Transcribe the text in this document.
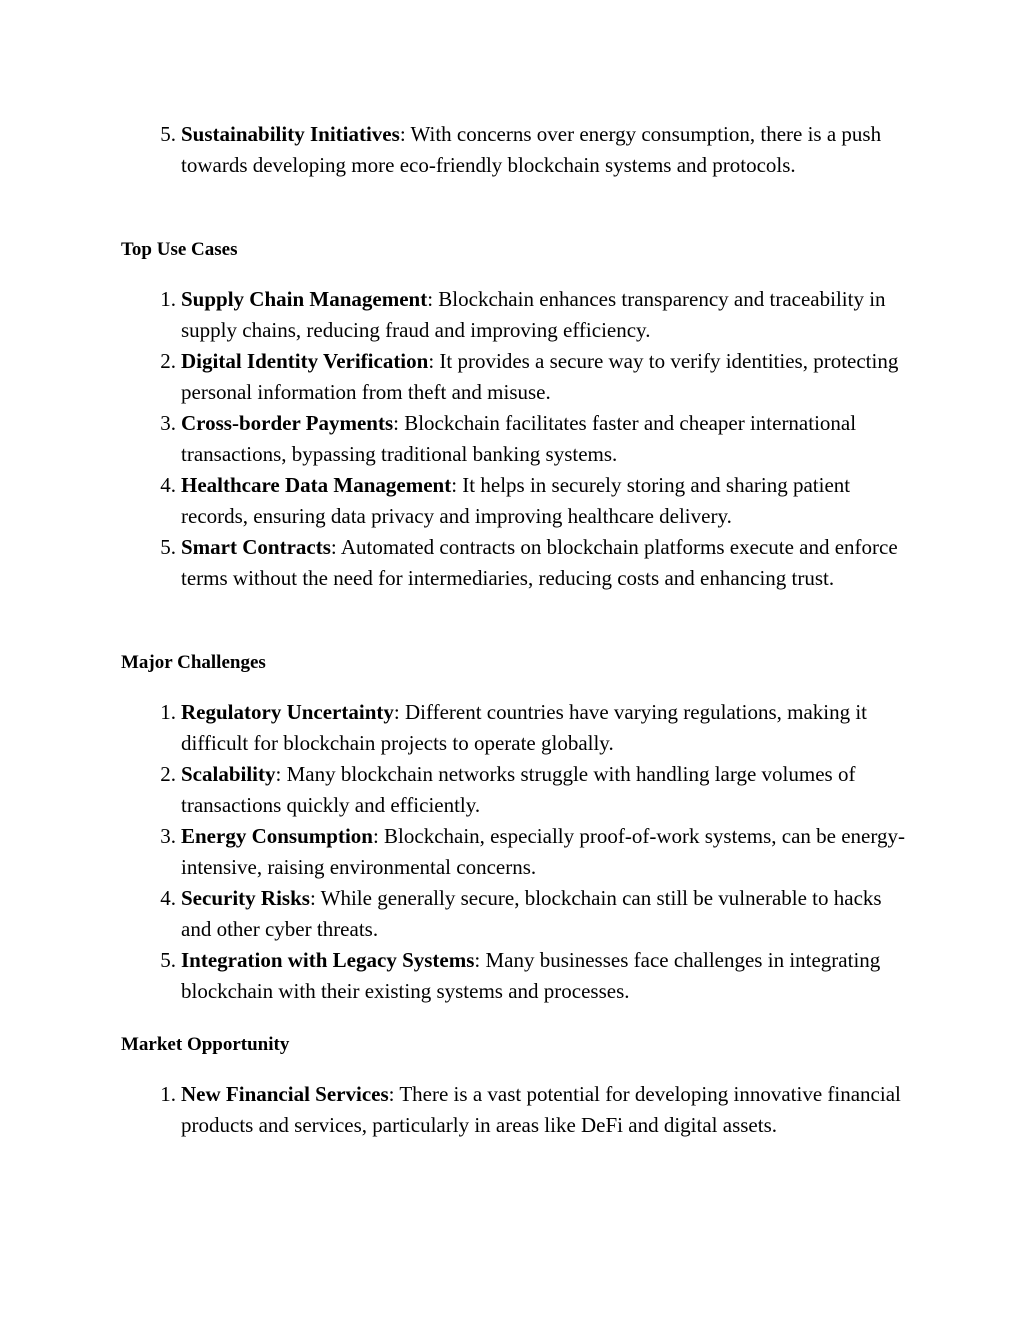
5. Sustainability Initiatives: With concerns over energy consumption, there is a push towards developing more eco-friendly blockchain systems and protocols.
Top Use Cases
1. Supply Chain Management: Blockchain enhances transparency and traceability in supply chains, reducing fraud and improving efficiency.
2. Digital Identity Verification: It provides a secure way to verify identities, protecting personal information from theft and misuse.
3. Cross-border Payments: Blockchain facilitates faster and cheaper international transactions, bypassing traditional banking systems.
4. Healthcare Data Management: It helps in securely storing and sharing patient records, ensuring data privacy and improving healthcare delivery.
5. Smart Contracts: Automated contracts on blockchain platforms execute and enforce terms without the need for intermediaries, reducing costs and enhancing trust.
Major Challenges
1. Regulatory Uncertainty: Different countries have varying regulations, making it difficult for blockchain projects to operate globally.
2. Scalability: Many blockchain networks struggle with handling large volumes of transactions quickly and efficiently.
3. Energy Consumption: Blockchain, especially proof-of-work systems, can be energy-intensive, raising environmental concerns.
4. Security Risks: While generally secure, blockchain can still be vulnerable to hacks and other cyber threats.
5. Integration with Legacy Systems: Many businesses face challenges in integrating blockchain with their existing systems and processes.
Market Opportunity
1. New Financial Services: There is a vast potential for developing innovative financial products and services, particularly in areas like DeFi and digital assets.
